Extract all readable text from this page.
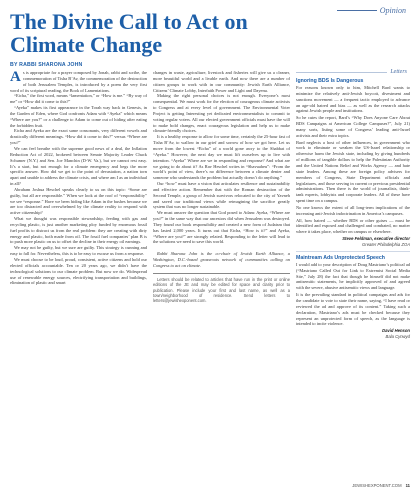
Opinion
The Divine Call to Act on Climate Change
BY RABBI SHARONA JOHN

As is appropriate for a prayer composed by Jonah, rabbi and scribe, the commemoration of Tisha B’Av, the commemoration of the destruction of both Jerusalem Temples, is introduced by a poem the very first word of its scriptural reading, the Book of Lamentations.

“Eicha,” the first word, means “lamentation,” or “How is me.” “By way of me” or “How did it come to this?”

“Ayeka” makes its first appearance in the Torah way back in Genesis, in the Garden of Eden, where God confronts Adam with “Ayeka” which means “Where are you?” or a challenge to Adam to come out of hiding after eating the forbidden fruit.

Eicha and Ayeka are the exact same consonants, very different vowels and drastically different meanings. “How did it come to this?” versus “Where are you?”

We can feel breathe with the supreme good news of a deal, the Inflation Reduction Act of 2022, brokered between Senate Majority Leader Chuck Schumer (N.Y.) and Sen. Joe Manchin (D-W. Va.), but we cannot rest easy. It’s a start, but not enough for a climate emergency and begs the more specific answer. How did we get to the point of devastation, a nation torn apart and unable to address the climate crisis, and where am I as an individual in all?

Abraham Joshua Heschel speaks clearly to us on this topic: “Some are guilty, but all are responsible.” When we look at the roof of “responsibility” we see “response.” Have we been hiding like Adam in the bushes because we are too distracted and overwhelmed by the climate reality to respond with active citizenship?

What we thought was responsible stewardship, feeding with gas and recycling plastic, is just another marketing ploy funded by enormous fossil fuel profits to distract us from the real problem: they are creating with dirty energy and plastic, both made from oil. The fossil fuel companies’ plan B is to push more plastic on us to offset the decline in their energy oil earnings.

We may not be guilty, but we sure are guilty. This strategy is cunning and easy to fall for. Nevertheless, this is to be easy to excuse us from a response.

We must choose to be loud, proud, consistent, active citizens and hold our elected officials accountable. Ten or 20 years ago, we didn’t have the technological solutions to our climate problem. But now we do. Widespread use of renewable energy sources, electrifying transportation and buildings, elimination of plastic and smart

changes in waste, agriculture, livestock and fisheries will give us a cleaner, more beautiful world and a livable earth. And now there are a number of citizen groups to work with in our community: Jewish Earth Alliance, Citizens’ Climate Lobby, Interfaith Power and Light and Dayenu.

Making the right personal choices is not enough. Everyone’s most consequential. We must work for the election of courageous climate activists to Congress and at every level of government. The Environmental Voter Project is getting Interesting yet dedicated environmentalists to commit to voting regular voters. All our elected government officials must have the will to make bold changes, enact courageous legislation and help us to make climate-friendly choices.

It is a healthy response to allow for some time, certainly the 25-hour fast of Tisha B’Av, to wallow in our grief and sorrow of how we got here. Let us move from the lowest “Eicha” of a world gone awry to the Shabbat of “Ayeka.” However, the next day we must lift ourselves up to live with intention. “Ayeka” Where are we in responding and response? And what are we going to do about it? As Rav Heschel writes in “Shavuaheu”: “From the world’s point of view, there’s no difference between a climate denier and someone who understands the problem but actually doesn’t do anything.”

Our “how” must have a vision that articulates resilience and sustainability and effective action. Remember that with the Roman destruction of the Second Temple, a group of Jewish survivors relocated to the city of Yavneh and saved our traditional views while reimagining the sacrifice greatly system that was no longer sustainable.

We must answer the question that God posed to Adam: Ayeka, “Where are you?” in the same way that our ancestors did when Jerusalem was destroyed. They found our book responsibility and created a new form of Judaism that has lasted 2,000 years. It turns out that Eicha, “How is it?” and Ayeka, “Where are you?” are strongly related. Responding to the letter will lead to the solutions we need to save this world.

Rabbi Sharona John is the co-chair of Jewish Earth Alliance, a Washington, D.C.-based grassroots network of communities calling on Congress to act on climate.

Letters should be related to articles that have run in the print or online editions of the JE and may be edited for space and clarity prior to publication. Please include your first and last name, as well as a town/neighborhood of residence. Send letters to letters@jewishexponent.com.

Letters
Ignoring BDS Is Dangerous

For reasons known only to him, Mitchell Bard wants to minimize the relatively anti-Jewish boycott, divestment and sanctions movement — a frequent tactic employed to advance an age-old hatred and bias — as well as the research attacks against Jewish people and institutions.

So he cutes the report, Bard’s “Why Does Anyone Care About BDS Campaigns at American College Campuses?”, July 21) many sorts, listing some of Congress’ leading anti-Israel activists and their extra topics.

Bard neglects a host of other influences, in government who work to eliminate or weaken the US-Israel relationship or otherwise harm the Jewish state, including by giving hundreds of millions of tangible dollars to help the Palestinian Authority and the United Nations Relief and Works Agency — and hate state leaders. Among these are foreign policy advisers for members of Congress, State Department officials and legislatures, and those serving in current or previous presidential administrations. Then there is the world of journalists, think-tank experts, lobbyists and corporate leaders. All of these have spent time on a campus.

No one knows the extent of all long-term implications of the increasing anti-Jewish indoctrination in America’s campuses.

All, how hatred — whether BDS or other guises — must be identified and exposed and challenged and combated, no matter where it takes place, whether on campus or elsewhere.

Steve Feldman, executive director
Greater Philadelphia ZOA
Maintream Ads Unprotected Speech

I would add to your description of Doug Mastriano’s political ad (“Mastriano Called Out for Link to Extremist Social Media Site,” July 28) the fact that though he himself did not make antisemitic statements, he implicitly approved of and agreed with the severe, abusive antisemitic views and language.

It is the prevailing standard in political campaigns and ads for the candidate to vote to state their name, saying, “I have read or reviewed the ad and approve of its content.” Taking such a declaration, Mastriano’s ads must be checked because they represent an unprotected form of speech, as the language is intended to incite violence.

David Henson
Bala Cynwyd
JEWISHEXPONENT.COM 11
